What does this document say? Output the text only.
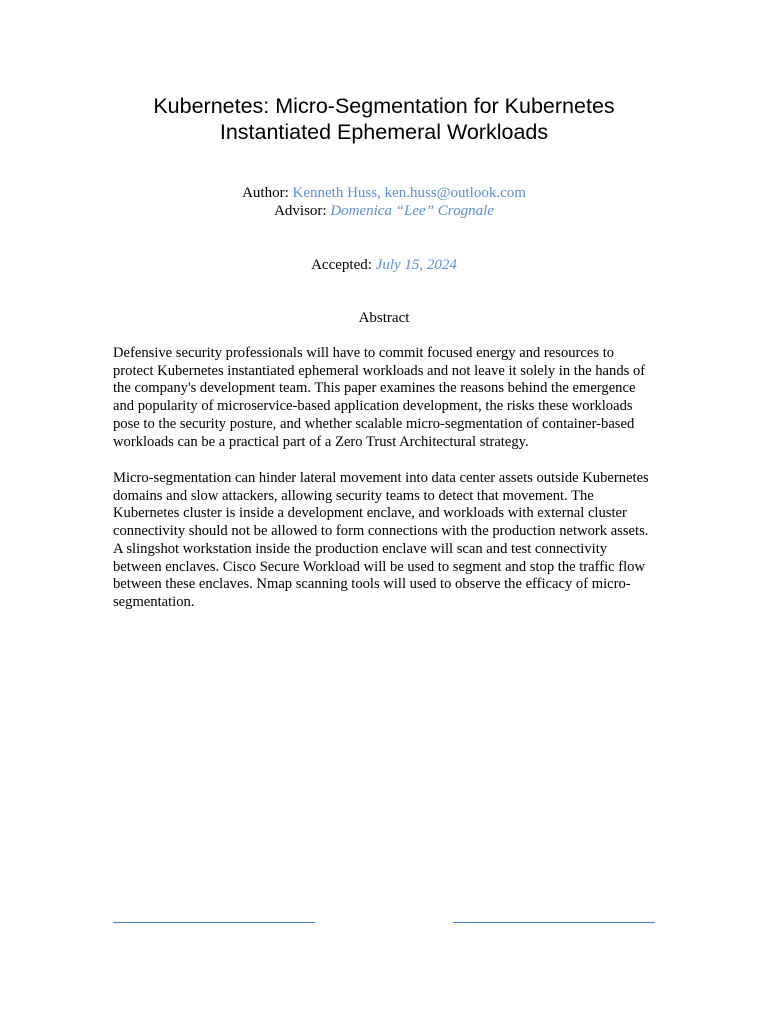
Kubernetes: Micro-Segmentation for Kubernetes
Instantiated Ephemeral Workloads
Author: Kenneth Huss, ken.huss@outlook.com
Advisor: Domenica “Lee” Crognale
Accepted: July 15, 2024
Abstract

Defensive security professionals will have to commit focused energy and resources to protect Kubernetes instantiated ephemeral workloads and not leave it solely in the hands of the company's development team. This paper examines the reasons behind the emergence and popularity of microservice-based application development, the risks these workloads pose to the security posture, and whether scalable micro-segmentation of container-based workloads can be a practical part of a Zero Trust Architectural strategy.

Micro-segmentation can hinder lateral movement into data center assets outside Kubernetes domains and slow attackers, allowing security teams to detect that movement. The Kubernetes cluster is inside a development enclave, and workloads with external cluster connectivity should not be allowed to form connections with the production network assets. A slingshot workstation inside the production enclave will scan and test connectivity between enclaves. Cisco Secure Workload will be used to segment and stop the traffic flow between these enclaves. Nmap scanning tools will used to observe the efficacy of micro-segmentation.
